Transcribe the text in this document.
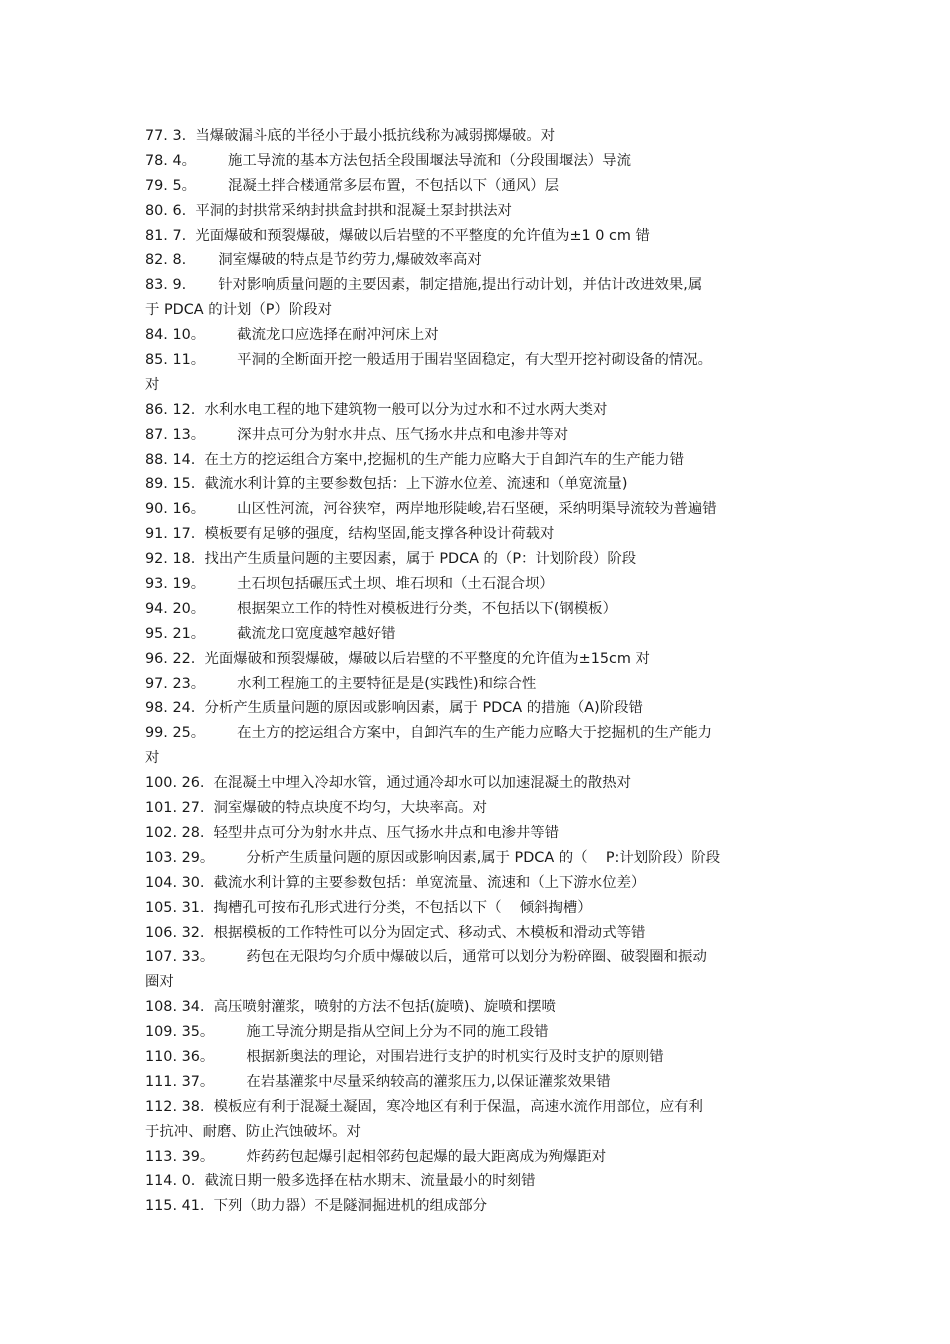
77. 3.  当爆破漏斗底的半径小于最小抵抗线称为减弱掷爆破。对
78. 4。       施工导流的基本方法包括全段围堰法导流和（分段围堰法）导流
79. 5。       混凝土拌合楼通常多层布置，不包括以下（通风）层
80. 6.  平洞的封拱常采纳封拱盒封拱和混凝土泵封拱法对
81. 7.  光面爆破和预裂爆破，爆破以后岩壁的不平整度的允许值为±1 0 cm 错
82. 8.       洞室爆破的特点是节约劳力,爆破效率高对
83. 9.       针对影响质量问题的主要因素，制定措施,提出行动计划，并估计改进效果,属
于 PDCA 的计划（P）阶段对
84. 10。       截流龙口应选择在耐冲河床上对
85. 11。       平洞的全断面开挖一般适用于围岩坚固稳定，有大型开挖衬砌设备的情况。
对
86. 12.  水利水电工程的地下建筑物一般可以分为过水和不过水两大类对
87. 13。       深井点可分为射水井点、压气扬水井点和电渗井等对
88. 14.  在土方的挖运组合方案中,挖掘机的生产能力应略大于自卸汽车的生产能力错
89. 15.  截流水利计算的主要参数包括：上下游水位差、流速和（单宽流量)
90. 16。       山区性河流，河谷狭窄，两岸地形陡峻,岩石坚硬，采纳明渠导流较为普遍错
91. 17.  模板要有足够的强度，结构坚固,能支撑各种设计荷载对
92. 18.  找出产生质量问题的主要因素，属于 PDCA 的（P：计划阶段）阶段
93. 19。       土石坝包括碾压式土坝、堆石坝和（土石混合坝）
94. 20。       根据架立工作的特性对模板进行分类，不包括以下(钢模板）
95. 21。       截流龙口宽度越窄越好错
96. 22.  光面爆破和预裂爆破，爆破以后岩壁的不平整度的允许值为±15cm 对
97. 23。       水利工程施工的主要特征是是(实践性)和综合性
98. 24.  分析产生质量问题的原因或影响因素，属于 PDCA 的措施（A)阶段错
99. 25。       在土方的挖运组合方案中，自卸汽车的生产能力应略大于挖掘机的生产能力
对
100. 26.  在混凝土中埋入冷却水管，通过通冷却水可以加速混凝土的散热对
101. 27.  洞室爆破的特点块度不均匀，大块率高。对
102. 28.  轻型井点可分为射水井点、压气扬水井点和电渗井等错
103. 29。       分析产生质量问题的原因或影响因素,属于 PDCA 的（    P:计划阶段）阶段
104. 30.  截流水利计算的主要参数包括：单宽流量、流速和（上下游水位差）
105. 31.  掏槽孔可按布孔形式进行分类，不包括以下（    倾斜掏槽）
106. 32.  根据模板的工作特性可以分为固定式、移动式、木模板和滑动式等错
107. 33。       药包在无限均匀介质中爆破以后，通常可以划分为粉碎圈、破裂圈和振动
圈对
108. 34.  高压喷射灌浆，喷射的方法不包括(旋喷)、旋喷和摆喷
109. 35。       施工导流分期是指从空间上分为不同的施工段错
110. 36。       根据新奥法的理论，对围岩进行支护的时机实行及时支护的原则错
111. 37。       在岩基灌浆中尽量采纳较高的灌浆压力,以保证灌浆效果错
112. 38.  模板应有利于混凝土凝固，寒冷地区有利于保温，高速水流作用部位，应有利
于抗冲、耐磨、防止汽蚀破坏。对
113. 39。       炸药药包起爆引起相邻药包起爆的最大距离成为殉爆距对
114. 0.  截流日期一般多选择在枯水期末、流量最小的时刻错
115. 41.  下列（助力器）不是隧洞掘进机的组成部分
